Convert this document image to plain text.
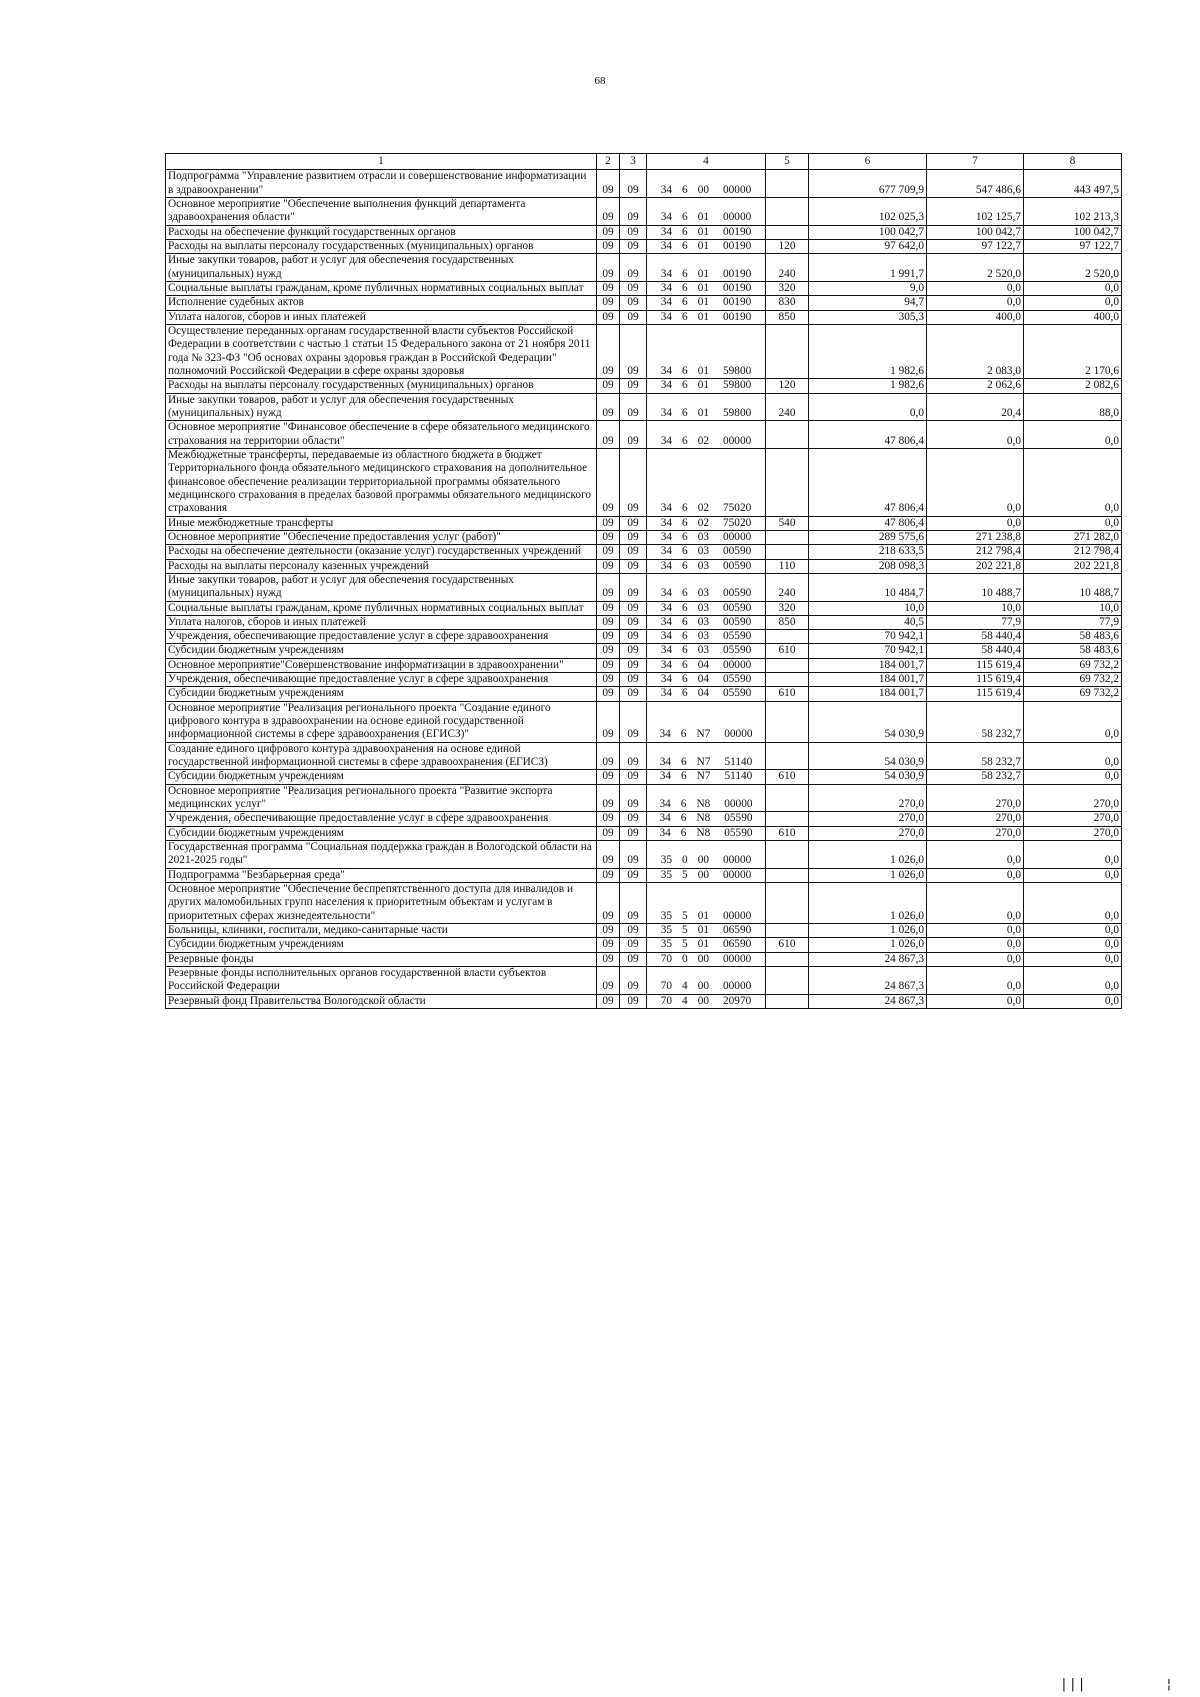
68
1	2	3	4	5	6	7	8
Подпрограмма "Управление развитием отрасли и совершенствование информатизации в здравоохранении"	09	09	34 6 00 00000		677 709,9	547 486,6	443 497,5
Основное мероприятие "Обеспечение выполнения функций департамента здравоохранения области"	09	09	34 6 01 00000		102 025,3	102 125,7	102 213,3
Расходы на обеспечение функций государственных органов	09	09	34 6 01 00190		100 042,7	100 042,7	100 042,7
Расходы на выплаты персоналу государственных (муниципальных) органов	09	09	34 6 01 00190	120	97 642,0	97 122,7	97 122,7
Иные закупки товаров, работ и услуг для обеспечения государственных (муниципальных) нужд	09	09	34 6 01 00190	240	1 991,7	2 520,0	2 520,0
Социальные выплаты гражданам, кроме публичных нормативных социальных выплат	09	09	34 6 01 00190	320	9,0	0,0	0,0
Исполнение судебных актов	09	09	34 6 01 00190	830	94,7	0,0	0,0
Уплата налогов, сборов и иных платежей	09	09	34 6 01 00190	850	305,3	400,0	400,0
Осуществление переданных органам государственной власти субъектов Российской Федерации в соответствии с частью 1 статьи 15 Федерального закона от 21 ноября 2011 года № 323-ФЗ "Об основах охраны здоровья граждан в Российской Федерации" полномочий Российской Федерации в сфере охраны здоровья	09	09	34 6 01 59800		1 982,6	2 083,0	2 170,6
Расходы на выплаты персоналу государственных (муниципальных) органов	09	09	34 6 01 59800	120	1 982,6	2 062,6	2 082,6
Иные закупки товаров, работ и услуг для обеспечения государственных (муниципальных) нужд	09	09	34 6 01 59800	240	0,0	20,4	88,0
Основное мероприятие "Финансовое обеспечение в сфере обязательного медицинского страхования на территории области"	09	09	34 6 02 00000		47 806,4	0,0	0,0
Межбюджетные трансферты, передаваемые из областного бюджета в бюджет Территориального фонда обязательного медицинского страхования на дополнительное финансовое обеспечение реализации территориальной программы обязательного медицинского страхования в пределах базовой программы обязательного медицинского страхования	09	09	34 6 02 75020		47 806,4	0,0	0,0
Иные межбюджетные трансферты	09	09	34 6 02 75020	540	47 806,4	0,0	0,0
Основное мероприятие "Обеспечение предоставления услуг (работ)"	09	09	34 6 03 00000		289 575,6	271 238,8	271 282,0
Расходы на обеспечение деятельности (оказание услуг) государственных учреждений	09	09	34 6 03 00590		218 633,5	212 798,4	212 798,4
Расходы на выплаты персоналу казенных учреждений	09	09	34 6 03 00590	110	208 098,3	202 221,8	202 221,8
Иные закупки товаров, работ и услуг для обеспечения государственных (муниципальных) нужд	09	09	34 6 03 00590	240	10 484,7	10 488,7	10 488,7
Социальные выплаты гражданам, кроме публичных нормативных социальных выплат	09	09	34 6 03 00590	320	10,0	10,0	10,0
Уплата налогов, сборов и иных платежей	09	09	34 6 03 00590	850	40,5	77,9	77,9
Учреждения, обеспечивающие предоставление услуг в сфере здравоохранения	09	09	34 6 03 05590		70 942,1	58 440,4	58 483,6
Субсидии бюджетным учреждениям	09	09	34 6 03 05590	610	70 942,1	58 440,4	58 483,6
Основное мероприятие"Совершенствование информатизации в здравоохранении"	09	09	34 6 04 00000		184 001,7	115 619,4	69 732,2
Учреждения, обеспечивающие предоставление услуг в сфере здравоохранения	09	09	34 6 04 05590		184 001,7	115 619,4	69 732,2
Субсидии бюджетным учреждениям	09	09	34 6 04 05590	610	184 001,7	115 619,4	69 732,2
Основное мероприятие "Реализация регионального проекта "Создание единого цифрового контура в здравоохранении на основе единой государственной информационной системы в сфере здравоохранения (ЕГИСЗ)"	09	09	34 6 N7 00000		54 030,9	58 232,7	0,0
Создание единого цифрового контура здравоохранения на основе единой государственной информационной системы в сфере здравоохранения (ЕГИСЗ)	09	09	34 6 N7 51140		54 030,9	58 232,7	0,0
Субсидии бюджетным учреждениям	09	09	34 6 N7 51140	610	54 030,9	58 232,7	0,0
Основное мероприятие "Реализация регионального проекта "Развитие экспорта медицинских услуг"	09	09	34 6 N8 00000		270,0	270,0	270,0
Учреждения, обеспечивающие предоставление услуг в сфере здравоохранения	09	09	34 6 N8 05590		270,0	270,0	270,0
Субсидии бюджетным учреждениям	09	09	34 6 N8 05590	610	270,0	270,0	270,0
Государственная программа "Социальная поддержка граждан в Вологодской области на 2021-2025 годы"	09	09	35 0 00 00000		1 026,0	0,0	0,0
Подпрограмма "Безбарьерная среда"	09	09	35 5 00 00000		1 026,0	0,0	0,0
Основное мероприятие "Обеспечение беспрепятственного доступа для инвалидов и других маломобильных групп населения к приоритетным объектам и услугам в приоритетных сферах жизнедеятельности"	09	09	35 5 01 00000		1 026,0	0,0	0,0
Больницы, клиники, госпитали, медико-санитарные части	09	09	35 5 01 06590		1 026,0	0,0	0,0
Субсидии бюджетным учреждениям	09	09	35 5 01 06590	610	1 026,0	0,0	0,0
Резервные фонды	09	09	70 0 00 00000		24 867,3	0,0	0,0
Резервные фонды исполнительных органов государственной власти субъектов Российской Федерации	09	09	70 4 00 00000		24 867,3	0,0	0,0
Резервный фонд Правительства Вологодской области	09	09	70 4 00 20970		24 867,3	0,0	0,0
|||	¦
